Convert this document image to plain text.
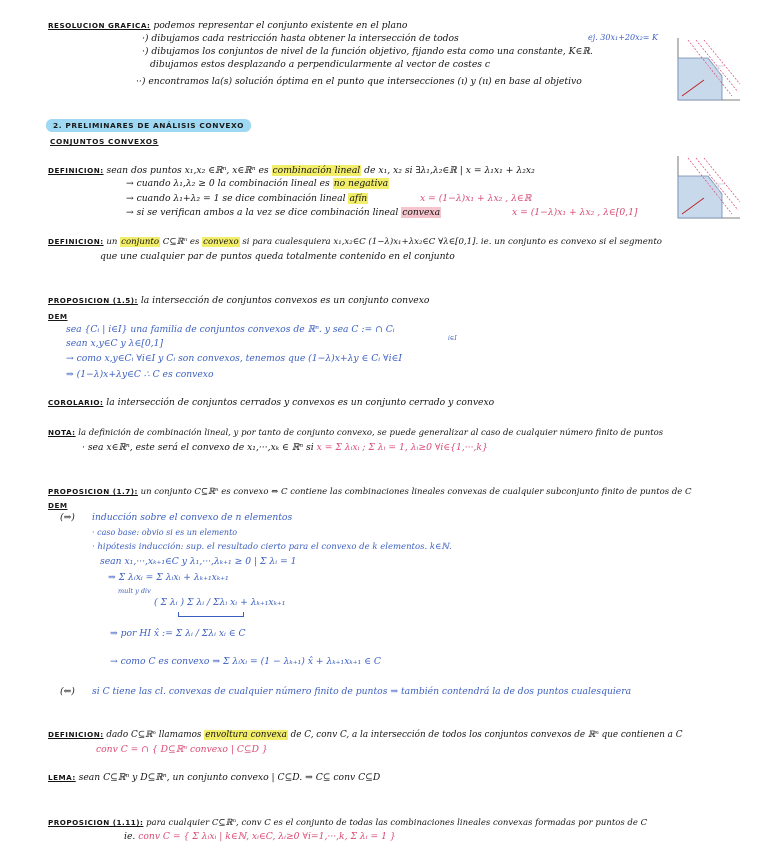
RESOLUCION GRAFICA: podemos representar el conjunto existente en el plano
·) dibujamos cada restricción hasta obtener la intersección de todos
·) dibujamos los conjuntos de nivel de la función objetivo, fijando esta como una constante, K∈ℝ.
dibujamos estos desplazando a perpendicularmente al vector de costes c
··) encontramos la(s) solución óptima en el punto que intersecciones (ı) y (ıı) en base al objetivo
ej. 30x₁+20x₂= K
AT
2. PRELIMINARES DE ANÁLISIS CONVEXO
CONJUNTOS CONVEXOS
DEFINICION: sean dos puntos x₁,x₂ ∈ℝⁿ, x∈ℝⁿ es combinación lineal de x₁, x₂ si ∃λ₁,λ₂∈ℝ | x = λ₁x₁ + λ₂x₂
→ cuando λ₁,λ₂ ≥ 0 la combinación lineal es no negativa
→ cuando λ₁+λ₂ = 1 se dice combinación lineal afín	x = (1−λ)x₁ + λx₂ , λ∈ℝ
→ si se verifican ambos a la vez se dice combinación lineal convexa	x = (1−λ)x₁ + λx₂ , λ∈[0,1]
AT
DEFINICION: un conjunto C⊆ℝⁿ es convexo si para cualesquiera x₁,x₂∈C (1−λ)x₁+λx₂∈C ∀λ∈[0,1]. ie. un conjunto es convexo si el segmento
que une cualquier par de puntos queda totalmente contenido en el conjunto
PROPOSICION (1.5): la intersección de conjuntos convexos es un conjunto convexo
DEM
sea {Cᵢ | i∈I} una familia de conjuntos convexos de ℝⁿ. y sea C := ∩ Cᵢ
i∈I
sean x,y∈C y λ∈[0,1]
→ como x,y∈Cᵢ ∀i∈I y Cᵢ son convexos, tenemos que (1−λ)x+λy ∈ Cᵢ ∀i∈I
⇒ (1−λ)x+λy∈C ∴ C es convexo
COROLARIO: la intersección de conjuntos cerrados y convexos es un conjunto cerrado y convexo
NOTA: la definición de combinación lineal, y por tanto de conjunto convexo, se puede generalizar al caso de cualquier número finito de puntos
· sea x∈ℝⁿ, este será el convexo de x₁,···,xₖ ∈ ℝⁿ si x = Σ λᵢxᵢ ; Σ λᵢ = 1, λᵢ≥0 ∀i∈{1,···,k}
PROPOSICION (1.7): un conjunto C⊆ℝⁿ es convexo ⇔ C contiene las combinaciones lineales convexas de cualquier subconjunto finito de puntos de C
DEM
(⇒) inducción sobre el convexo de n elementos
· caso base: obvio si es un elemento
· hipótesis inducción: sup. el resultado cierto para el convexo de k elementos. k∈ℕ.
sean x₁,···,xₖ₊₁∈C y λ₁,···,λₖ₊₁ ≥ 0 | Σ λᵢ = 1
⇒ Σ λᵢxᵢ = Σ λᵢxᵢ + λₖ₊₁xₖ₊₁
mult y div
( Σ λᵢ ) Σ λᵢ / Σλᵢ xᵢ + λₖ₊₁xₖ₊₁
⇒ por HI x̂ := Σ λᵢ / Σλᵢ xᵢ ∈ C
→ como C es convexo ⇒ Σ λᵢxᵢ = (1 − λₖ₊₁) x̂ + λₖ₊₁xₖ₊₁ ∈ C
(⇐) si C tiene las cl. convexas de cualquier número finito de puntos ⇒ también contendrá la de dos puntos cualesquiera
DEFINICION: dado C⊆ℝⁿ llamamos envoltura convexa de C, conv C, a la intersección de todos los conjuntos convexos de ℝⁿ que contienen a C
conv C = ∩ { D⊆ℝⁿ convexo | C⊆D }
LEMA: sean C⊆ℝⁿ y D⊆ℝⁿ, un conjunto convexo | C⊆D. ⇒ C⊆ conv C⊆D
PROPOSICION (1.11): para cualquier C⊆ℝⁿ, conv C es el conjunto de todas las combinaciones lineales convexas formadas por puntos de C
ie. conv C = { Σ λᵢxᵢ | k∈ℕ, xᵢ∈C, λᵢ≥0 ∀i=1,···,k, Σ λᵢ = 1 }
